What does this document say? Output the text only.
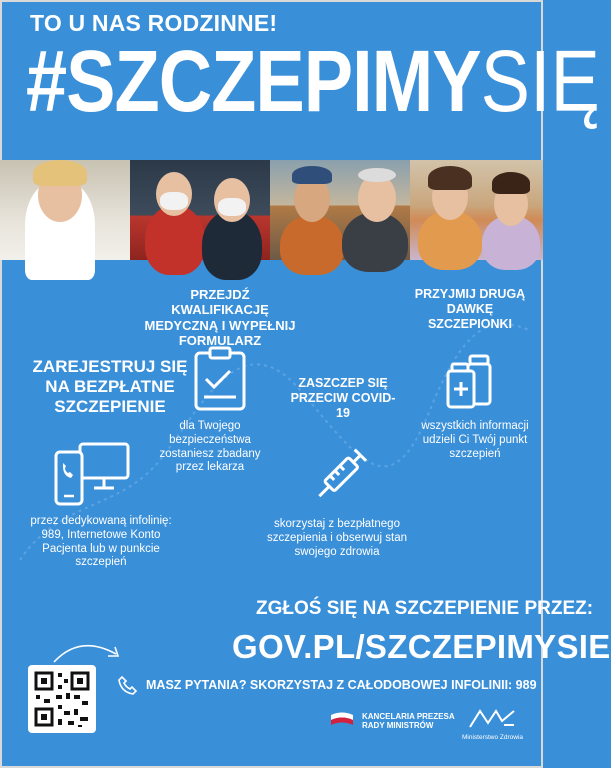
TO U NAS RODZINNE!
#SZCZEPIMYSIĘ
ZAREJESTRUJ SIĘ NA BEZPŁATNE SZCZEPIENIE
przez dedykowaną infolinię: 989, Internetowe Konto Pacjenta lub w punkcie szczepień
PRZEJDŹ KWALIFIKACJĘ MEDYCZNĄ I WYPEŁNIJ FORMULARZ
dla Twojego bezpieczeństwa zostaniesz zbadany przez lekarza
ZASZCZEP SIĘ PRZECIW COVID-19
skorzystaj z bezpłatnego szczepienia i obserwuj stan swojego zdrowia
PRZYJMIJ DRUGĄ DAWKĘ SZCZEPIONKI
wszystkich informacji udzieli Ci Twój punkt szczepień
ZGŁOŚ SIĘ NA SZCZEPIENIE PRZEZ:
GOV.PL/SZCZEPIMYSIE
MASZ PYTANIA? SKORZYSTAJ Z CAŁODOBOWEJ INFOLINII: 989
KANCELARIA PREZESA
RADY MINISTRÓW
Ministerstwo Zdrowia
